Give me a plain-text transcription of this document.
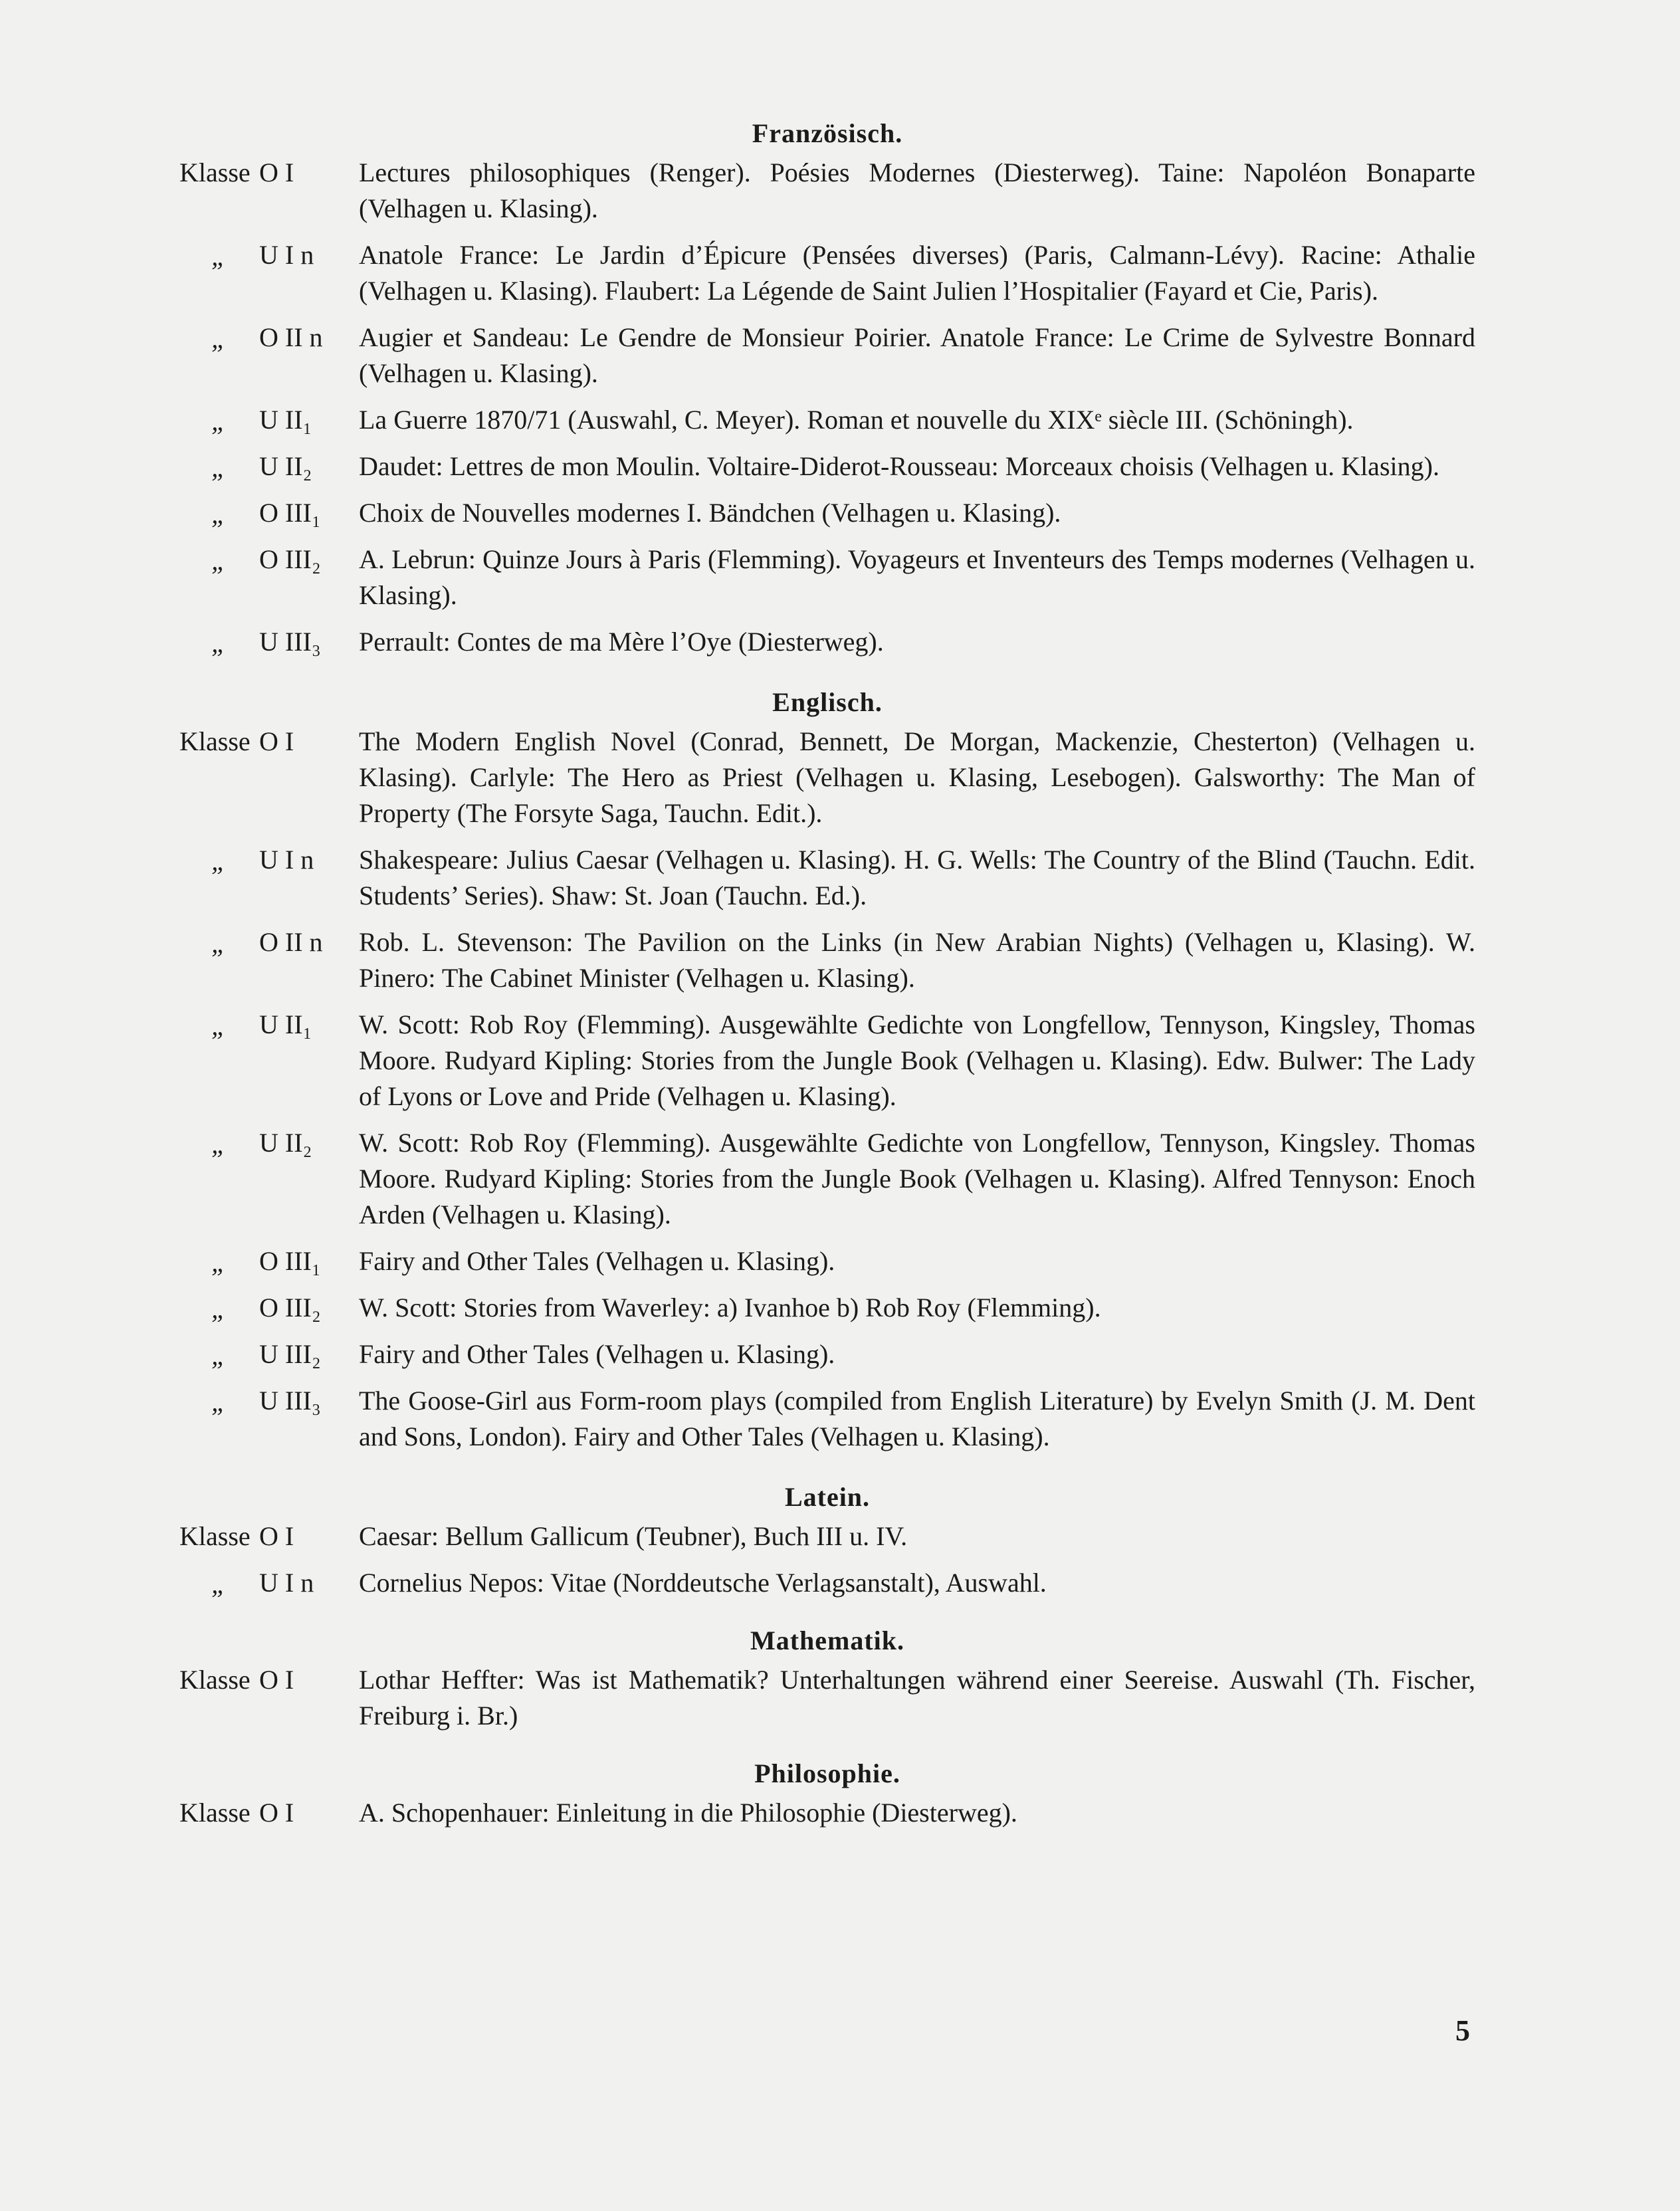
Französisch.
Klasse O I Lectures philosophiques (Renger). Poésies Modernes (Diesterweg). Taine: Napoléon Bonaparte (Velhagen u. Klasing).
„ U I n Anatole France: Le Jardin d’Épicure (Pensées diverses) (Paris, Calmann-Lévy). Racine: Athalie (Velhagen u. Klasing). Flaubert: La Légende de Saint Julien l’Hospitalier (Fayard et Cie, Paris).
„ O II n Augier et Sandeau: Le Gendre de Monsieur Poirier. Anatole France: Le Crime de Sylvestre Bonnard (Velhagen u. Klasing).
„ U II₁ La Guerre 1870/71 (Auswahl, C. Meyer). Roman et nouvelle du XIXᵉ siècle III. (Schöningh).
„ U II₂ Daudet: Lettres de mon Moulin. Voltaire-Diderot-Rousseau: Morceaux choisis (Velhagen u. Klasing).
„ O III₁ Choix de Nouvelles modernes I. Bändchen (Velhagen u. Klasing).
„ O III₂ A. Lebrun: Quinze Jours à Paris (Flemming). Voyageurs et Inventeurs des Temps modernes (Velhagen u. Klasing).
„ U III₃ Perrault: Contes de ma Mère l’Oye (Diesterweg).
Englisch.
Klasse O I The Modern English Novel (Conrad, Bennett, De Morgan, Mackenzie, Chesterton) (Velhagen u. Klasing). Carlyle: The Hero as Priest (Velhagen u. Klasing, Lesebogen). Galsworthy: The Man of Property (The Forsyte Saga, Tauchn. Edit.).
„ U I n Shakespeare: Julius Caesar (Velhagen u. Klasing). H. G. Wells: The Country of the Blind (Tauchn. Edit. Students’ Series). Shaw: St. Joan (Tauchn. Ed.).
„ O II n Rob. L. Stevenson: The Pavilion on the Links (in New Arabian Nights) (Velhagen u, Klasing). W. Pinero: The Cabinet Minister (Velhagen u. Klasing).
„ U II₁ W. Scott: Rob Roy (Flemming). Ausgewählte Gedichte von Longfellow, Tennyson, Kingsley, Thomas Moore. Rudyard Kipling: Stories from the Jungle Book (Velhagen u. Klasing). Edw. Bulwer: The Lady of Lyons or Love and Pride (Velhagen u. Klasing).
„ U II₂ W. Scott: Rob Roy (Flemming). Ausgewählte Gedichte von Longfellow, Tennyson, Kingsley. Thomas Moore. Rudyard Kipling: Stories from the Jungle Book (Velhagen u. Klasing). Alfred Tennyson: Enoch Arden (Velhagen u. Klasing).
„ O III₁ Fairy and Other Tales (Velhagen u. Klasing).
„ O III₂ W. Scott: Stories from Waverley: a) Ivanhoe b) Rob Roy (Flemming).
„ U III₂ Fairy and Other Tales (Velhagen u. Klasing).
„ U III₃ The Goose-Girl aus Form-room plays (compiled from English Literature) by Evelyn Smith (J. M. Dent and Sons, London). Fairy and Other Tales (Velhagen u. Klasing).
Latein.
Klasse O I Caesar: Bellum Gallicum (Teubner), Buch III u. IV.
„ U I n Cornelius Nepos: Vitae (Norddeutsche Verlagsanstalt), Auswahl.
Mathematik.
Klasse O I Lothar Heffter: Was ist Mathematik? Unterhaltungen während einer Seereise. Auswahl (Th. Fischer, Freiburg i. Br.)
Philosophie.
Klasse O I A. Schopenhauer: Einleitung in die Philosophie (Diesterweg).
5
